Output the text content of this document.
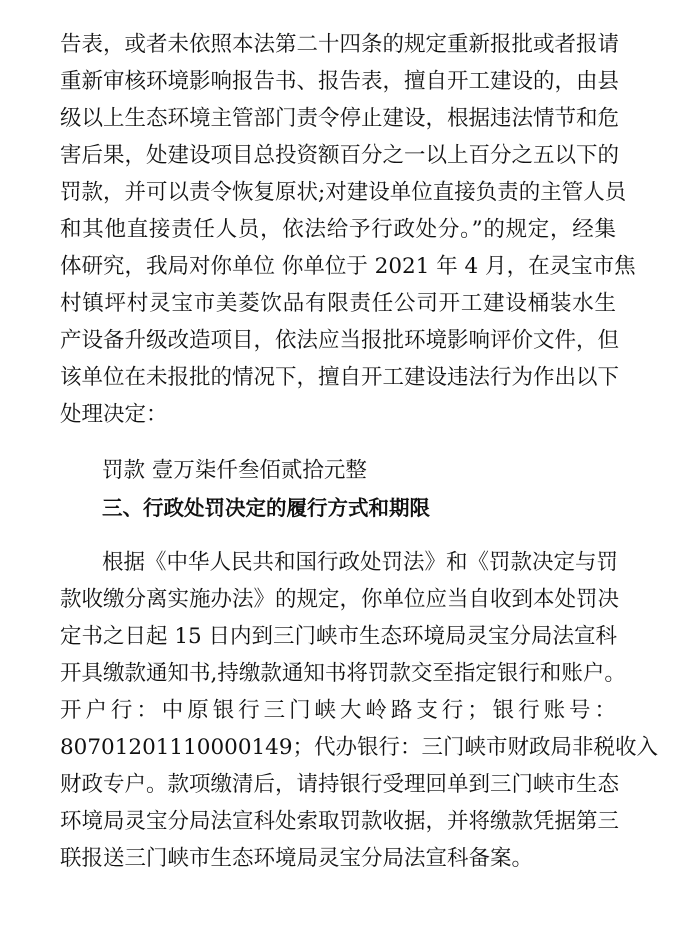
告表，或者未依照本法第二十四条的规定重新报批或者报请
重新审核环境影响报告书、报告表，擅自开工建设的，由县
级以上生态环境主管部门责令停止建设，根据违法情节和危
害后果，处建设项目总投资额百分之一以上百分之五以下的
罚款，并可以责令恢复原状;对建设单位直接负责的主管人员
和其他直接责任人员，依法给予行政处分。”的规定，经集
体研究，我局对你单位 你单位于 2021 年 4 月，在灵宝市焦
村镇坪村灵宝市美菱饮品有限责任公司开工建设桶装水生
产设备升级改造项目，依法应当报批环境影响评价文件，但
该单位在未报批的情况下，擅自开工建设违法行为作出以下
处理决定：
罚款 壹万柒仟叁佰贰拾元整
三、行政处罚决定的履行方式和期限
根据《中华人民共和国行政处罚法》和《罚款决定与罚
款收缴分离实施办法》的规定，你单位应当自收到本处罚决
定书之日起 15 日内到三门峡市生态环境局灵宝分局法宣科
开具缴款通知书,持缴款通知书将罚款交至指定银行和账户。
开户行：中原银行三门峡大岭路支行；银行账号：
80701201110000149；代办银行：三门峡市财政局非税收入
财政专户。款项缴清后，请持银行受理回单到三门峡市生态
环境局灵宝分局法宣科处索取罚款收据，并将缴款凭据第三
联报送三门峡市生态环境局灵宝分局法宣科备案。
